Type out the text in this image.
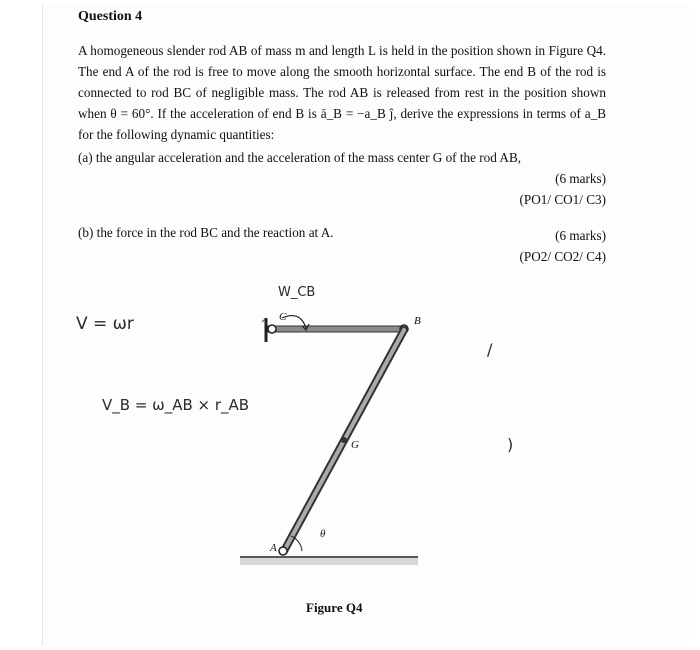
Question 4
A homogeneous slender rod AB of mass m and length L is held in the position shown in Figure Q4. The end A of the rod is free to move along the smooth horizontal surface. The end B of the rod is connected to rod BC of negligible mass. The rod AB is released from rest in the position shown when θ = 60°. If the acceleration of end B is ā_B = −a_B ĵ, derive the expressions in terms of a_B for the following dynamic quantities:
(a) the angular acceleration and the acceleration of the mass center G of the rod AB,
(6 marks)
(PO1/ CO1/ C3)
(b) the force in the rod BC and the reaction at A.	(6 marks)
(PO2/ CO2/ C4)
V = ωr
V_B = ω_AB × r_AB
W_CB
/
)
C	B
G
A
θ
Figure Q4
